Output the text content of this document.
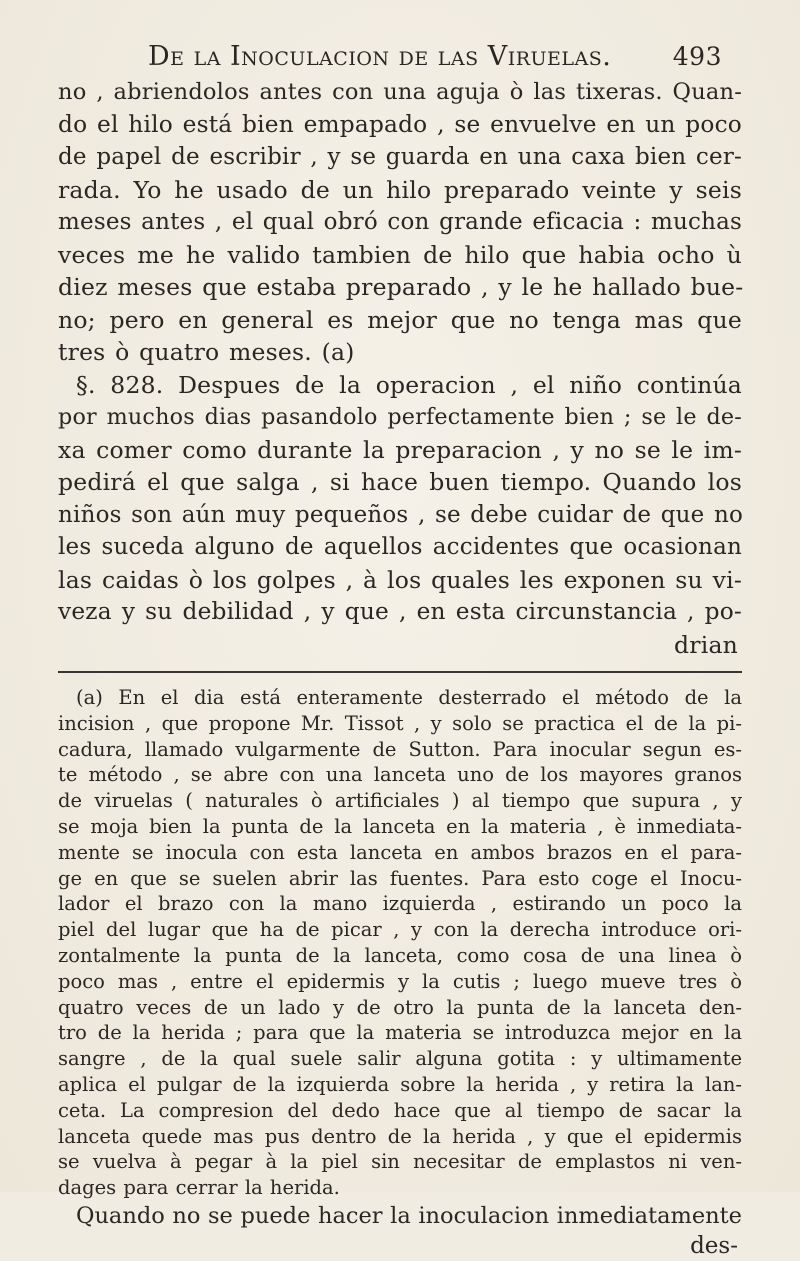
De la Inoculacion de las Viruelas. 493

no , abriendolos antes con una aguja ò las tixeras. Quan-

do el hilo está bien empapado , se envuelve en un poco

de papel de escribir , y se guarda en una caxa bien cer-

rada. Yo he usado de un hilo preparado veinte y seis

meses antes , el qual obró con grande eficacia : muchas

veces me he valido tambien de hilo que habia ocho ù

diez meses que estaba preparado , y le he hallado bue-

no; pero en general es mejor que no tenga mas que

tres ò quatro meses. (a)

§. 828. Despues de la operacion , el niño continúa

por muchos dias pasandolo perfectamente bien ; se le de-

xa comer como durante la preparacion , y no se le im-

pedirá el que salga , si hace buen tiempo. Quando los

niños son aún muy pequeños , se debe cuidar de que no

les suceda alguno de aquellos accidentes que ocasionan

las caidas ò los golpes , à los quales les exponen su vi-

veza y su debilidad , y que , en esta circunstancia , po-

drian

(a) En el dia está enteramente desterrado el método de la

incision , que propone Mr. Tissot , y solo se practica el de la pi-

cadura, llamado vulgarmente de Sutton. Para inocular segun es-

te método , se abre con una lanceta uno de los mayores granos

de viruelas ( naturales ò artificiales ) al tiempo que supura , y

se moja bien la punta de la lanceta en la materia , è inmediata-

mente se inocula con esta lanceta en ambos brazos en el para-

ge en que se suelen abrir las fuentes. Para esto coge el Inocu-

lador el brazo con la mano izquierda , estirando un poco la

piel del lugar que ha de picar , y con la derecha introduce ori-

zontalmente la punta de la lanceta, como cosa de una linea ò

poco mas , entre el epidermis y la cutis ; luego mueve tres ò

quatro veces de un lado y de otro la punta de la lanceta den-

tro de la herida ; para que la materia se introduzca mejor en la

sangre , de la qual suele salir alguna gotita : y ultimamente

aplica el pulgar de la izquierda sobre la herida , y retira la lan-

ceta. La compresion del dedo hace que al tiempo de sacar la

lanceta quede mas pus dentro de la herida , y que el epidermis

se vuelva à pegar à la piel sin necesitar de emplastos ni ven-

dages para cerrar la herida.

Quando no se puede hacer la inoculacion inmediatamente

des-
